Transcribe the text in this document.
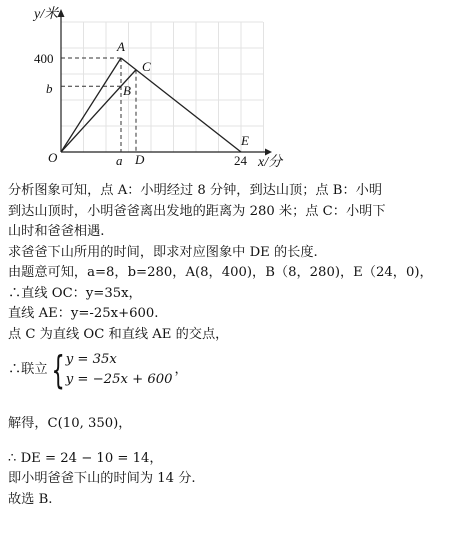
y/米
x/分
400
b
a	24
O
A
B
C
D
E
分析图象可知，点 A：小明经过 8 分钟，到达山顶；点 B：小明
到达山顶时，小明爸爸离出发地的距离为 280 米；点 C：小明下
山时和爸爸相遇.
求爸爸下山所用的时间，即求对应图象中 DE 的长度.
由题意可知，a=8，b=280，A(8，400)，B（8，280)，E（24，0)，
∴直线 OC：y=35x，
直线 AE：y=-25x+600.
点 C 为直线 OC 和直线 AE 的交点，
∴联立 { y = 35x
y = −25x + 600
，
解得，C(10, 350)，
∴ DE = 24 − 10 = 14，
即小明爸爸下山的时间为 14 分.
故选 B.
